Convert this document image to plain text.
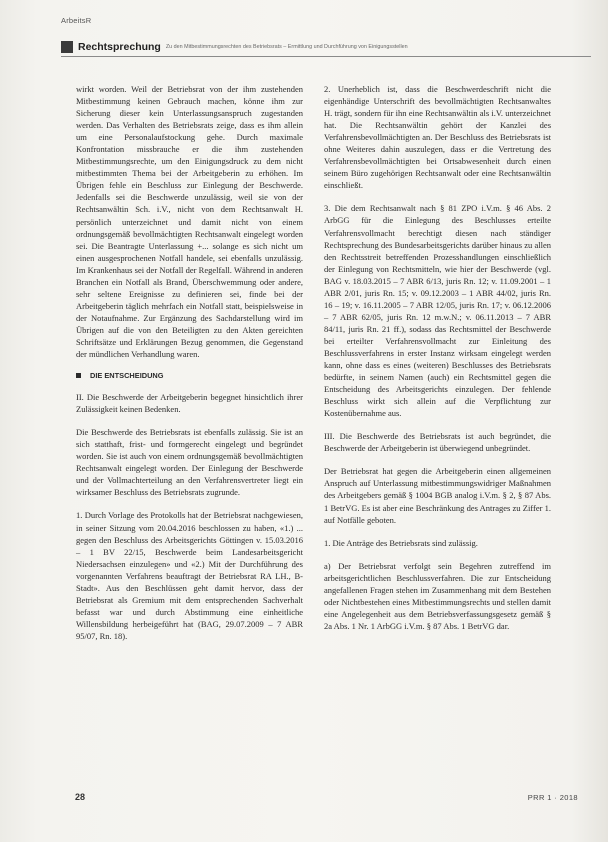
ArbeitsR
Rechtsprechung Zu den Mitbestimmungsrechten des Betriebsrats – Ermittlung und Durchführung von Einigungsstellen

wirkt worden. Weil der Betriebsrat von der ihm zustehenden Mitbestimmung keinen Gebrauch machen, könne ihm zur Sicherung dieser kein Unterlassungsanspruch zugestanden werden. Das Verhalten des Betriebsrats zeige, dass es ihm allein um eine Personalaufstockung gehe. Durch maximale Konfrontation missbrauche er die ihm zustehenden Mitbestimmungsrechte, um den Einigungsdruck zu dem nicht mitbestimmten Thema bei der Arbeitgeberin zu erhöhen. Im Übrigen fehle ein Beschluss zur Einlegung der Beschwerde. Jedenfalls sei die Beschwerde unzulässig, weil sie von der Rechtsanwältin Sch. i.V., nicht von dem Rechtsanwalt H. persönlich unterzeichnet und damit nicht von einem ordnungsgemäß bevollmächtigten Rechtsanwalt eingelegt worden sei. Die Beantragte Unterlassung +... solange es sich nicht um einen ausgesprochenen Notfall handele, sei ebenfalls unzulässig. Im Krankenhaus sei der Notfall der Regelfall. Während in anderen Branchen ein Notfall als Brand, Überschwemmung oder andere, sehr seltene Ereignisse zu definieren sei, finde bei der Arbeitgeberin täglich mehrfach ein Notfall statt, beispielsweise in der Notaufnahme. Zur Ergänzung des Sachdarstellung wird im Übrigen auf die von den Beteiligten zu den Akten gereichten Schriftsätze und Erklärungen Bezug genommen, die Gegenstand der mündlichen Verhandlung waren.

DIE ENTSCHEIDUNG

II. Die Beschwerde der Arbeitgeberin begegnet hinsichtlich ihrer Zulässigkeit keinen Bedenken.

Die Beschwerde des Betriebsrats ist ebenfalls zulässig. Sie ist an sich statthaft, frist- und formgerecht eingelegt und begründet worden. Sie ist auch von einem ordnungsgemäß bevollmächtigten Rechtsanwalt eingelegt worden. Der Einlegung der Beschwerde und der Vollmachterteilung an den Verfahrensvertreter liegt ein wirksamer Beschluss des Betriebsrats zugrunde.

1. Durch Vorlage des Protokolls hat der Betriebsrat nachgewiesen, in seiner Sitzung vom 20.04.2016 beschlossen zu haben, «1.) ... gegen den Beschluss des Arbeitsgerichts Göttingen v. 15.03.2016 – 1 BV 22/15, Beschwerde beim Landesarbeitsgericht Niedersachsen einzulegen» und «2.) Mit der Durchführung des vorgenannten Verfahrens beauftragt der Betriebsrat RA LH., B-Stadt». Aus den Beschlüssen geht damit hervor, dass der Betriebsrat als Gremium mit dem entsprechenden Sachverhalt befasst war und durch Abstimmung eine einheitliche Willensbildung herbeigeführt hat (BAG, 29.07.2009 – 7 ABR 95/07, Rn. 18).

2. Unerheblich ist, dass die Beschwerdeschrift nicht die eigenhändige Unterschrift des bevollmächtigten Rechtsanwaltes H. trägt, sondern für ihn eine Rechtsanwältin als i.V. unterzeichnet hat. Die Rechtsanwältin gehört der Kanzlei des Verfahrensbevollmächtigten an. Der Beschluss des Betriebsrats ist ohne Weiteres dahin auszulegen, dass er die Vertretung des Verfahrensbevollmächtigten bei Ortsabwesenheit durch einen seinem Büro zugehörigen Rechtsanwalt oder eine Rechtsanwältin einschließt.

3. Die dem Rechtsanwalt nach § 81 ZPO i.V.m. § 46 Abs. 2 ArbGG für die Einlegung des Beschlusses erteilte Verfahrensvollmacht berechtigt diesen nach ständiger Rechtsprechung des Bundesarbeitsgerichts darüber hinaus zu allen den Rechtsstreit betreffenden Prozesshandlungen einschließlich der Einlegung von Rechtsmitteln, wie hier der Beschwerde (vgl. BAG v. 18.03.2015 – 7 ABR 6/13, juris Rn. 12; v. 11.09.2001 – 1 ABR 2/01, juris Rn. 15; v. 09.12.2003 – 1 ABR 44/02, juris Rn. 16 – 19; v. 16.11.2005 – 7 ABR 12/05, juris Rn. 17; v. 06.12.2006 – 7 ABR 62/05, juris Rn. 12 m.w.N.; v. 06.11.2013 – 7 ABR 84/11, juris Rn. 21 ff.), sodass das Rechtsmittel der Beschwerde bei erteilter Verfahrensvollmacht zur Einleitung des Beschlussverfahrens in erster Instanz wirksam eingelegt werden kann, ohne dass es eines (weiteren) Beschlusses des Betriebsrats bedürfte, in seinem Namen (auch) ein Rechtsmittel gegen die Entscheidung des Arbeitsgerichts einzulegen. Der fehlende Beschluss wirkt sich allein auf die Verpflichtung zur Kostenübernahme aus.

III. Die Beschwerde des Betriebsrats ist auch begründet, die Beschwerde der Arbeitgeberin ist überwiegend unbegründet.

Der Betriebsrat hat gegen die Arbeitgeberin einen allgemeinen Anspruch auf Unterlassung mitbestimmungswidriger Maßnahmen des Arbeitgebers gemäß § 1004 BGB analog i.V.m. § 2, § 87 Abs. 1 BetrVG. Es ist aber eine Beschränkung des Antrages zu Ziffer 1. auf Notfälle geboten.

1. Die Anträge des Betriebsrats sind zulässig.

a) Der Betriebsrat verfolgt sein Begehren zutreffend im arbeitsgerichtlichen Beschlussverfahren. Die zur Entscheidung angefallenen Fragen stehen im Zusammenhang mit dem Bestehen oder Nichtbestehen eines Mitbestimmungsrechts und stellen damit eine Angelegenheit aus dem Betriebsverfassungsgesetz gemäß § 2a Abs. 1 Nr. 1 ArbGG i.V.m. § 87 Abs. 1 BetrVG dar.

28	PRR 1 · 2018
